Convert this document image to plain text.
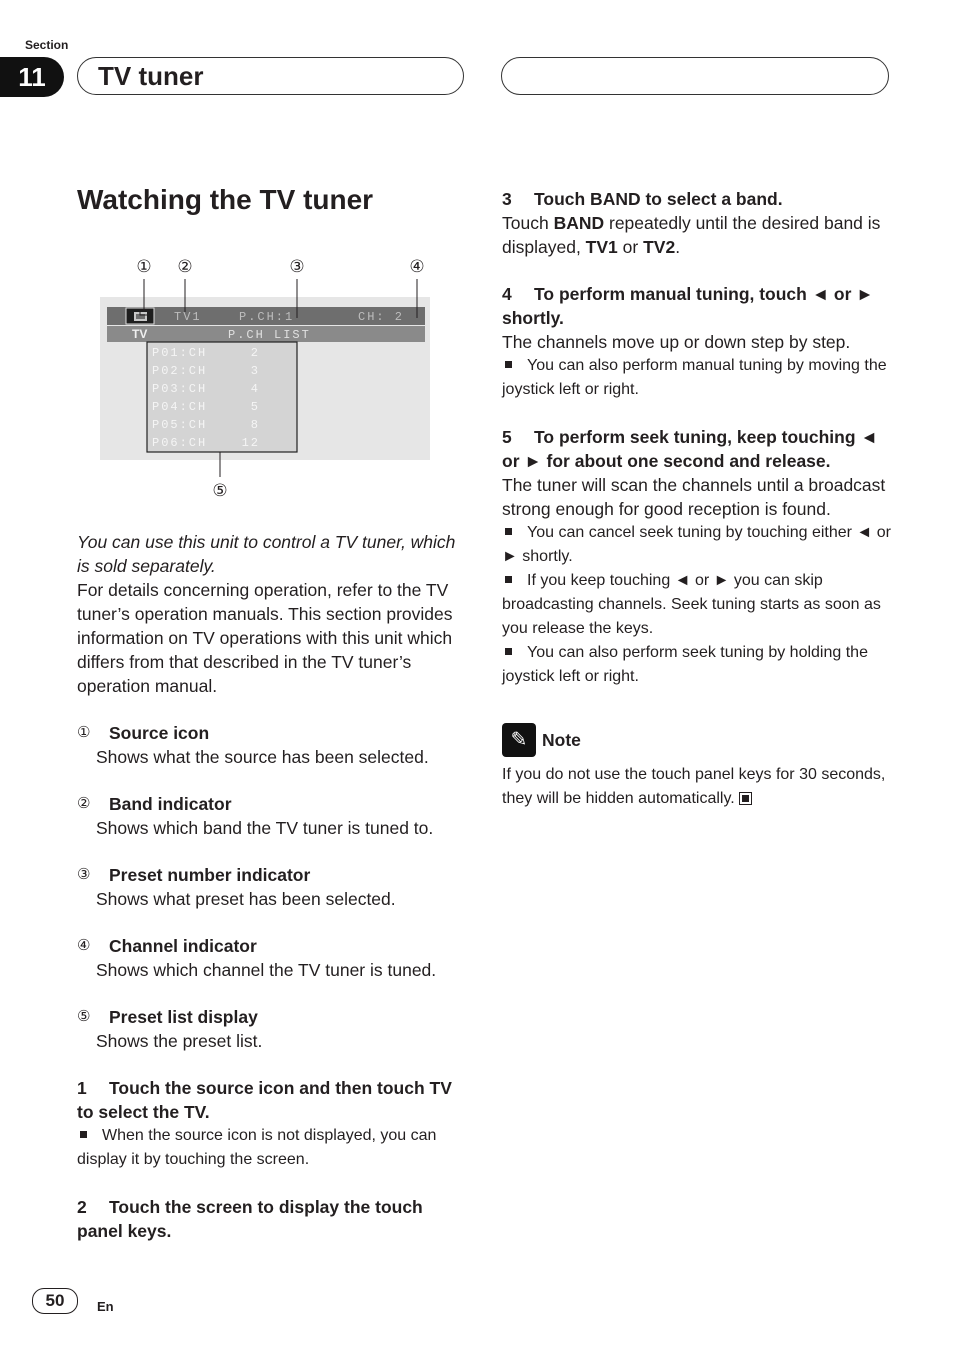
Section
11	TV tuner
Watching the TV tuner
① ②	③	④
⑤
TV1	P.CH:1	CH: 2
TV	P.CH LIST
P01:CH	2
P02:CH	3
P03:CH	4
P04:CH	5
P05:CH	8
P06:CH	12

You can use this unit to control a TV tuner, which is sold separately.

For details concerning operation, refer to the TV tuner’s operation manuals. This section provides information on TV operations with this unit which differs from that described in the TV tuner’s operation manual.

①	Source icon
Shows what the source has been selected.
②	Band indicator
Shows which band the TV tuner is tuned to.
③	Preset number indicator
Shows what preset has been selected.
④	Channel indicator
Shows which channel the TV tuner is tuned.
⑤	Preset list display
Shows the preset list.
1 Touch the source icon and then touch TV to select the TV.

When the source icon is not displayed, you can display it by touching the screen.

2 Touch the screen to display the touch panel keys.
3 Touch BAND to select a band.

Touch BAND repeatedly until the desired band is displayed, TV1 or TV2.

4 To perform manual tuning, touch ◄ or ► shortly.

The channels move up or down step by step.

You can also perform manual tuning by moving the joystick left or right.

5 To perform seek tuning, keep touching ◄ or ► for about one second and release.

The tuner will scan the channels until a broadcast strong enough for good reception is found.

You can cancel seek tuning by touching either ◄ or ► shortly.

If you keep touching ◄ or ► you can skip broadcasting channels. Seek tuning starts as soon as you release the keys.

You can also perform seek tuning by holding the joystick left or right.

✎ Note

If you do not use the touch panel keys for 30 seconds, they will be hidden automatically.

50	En
